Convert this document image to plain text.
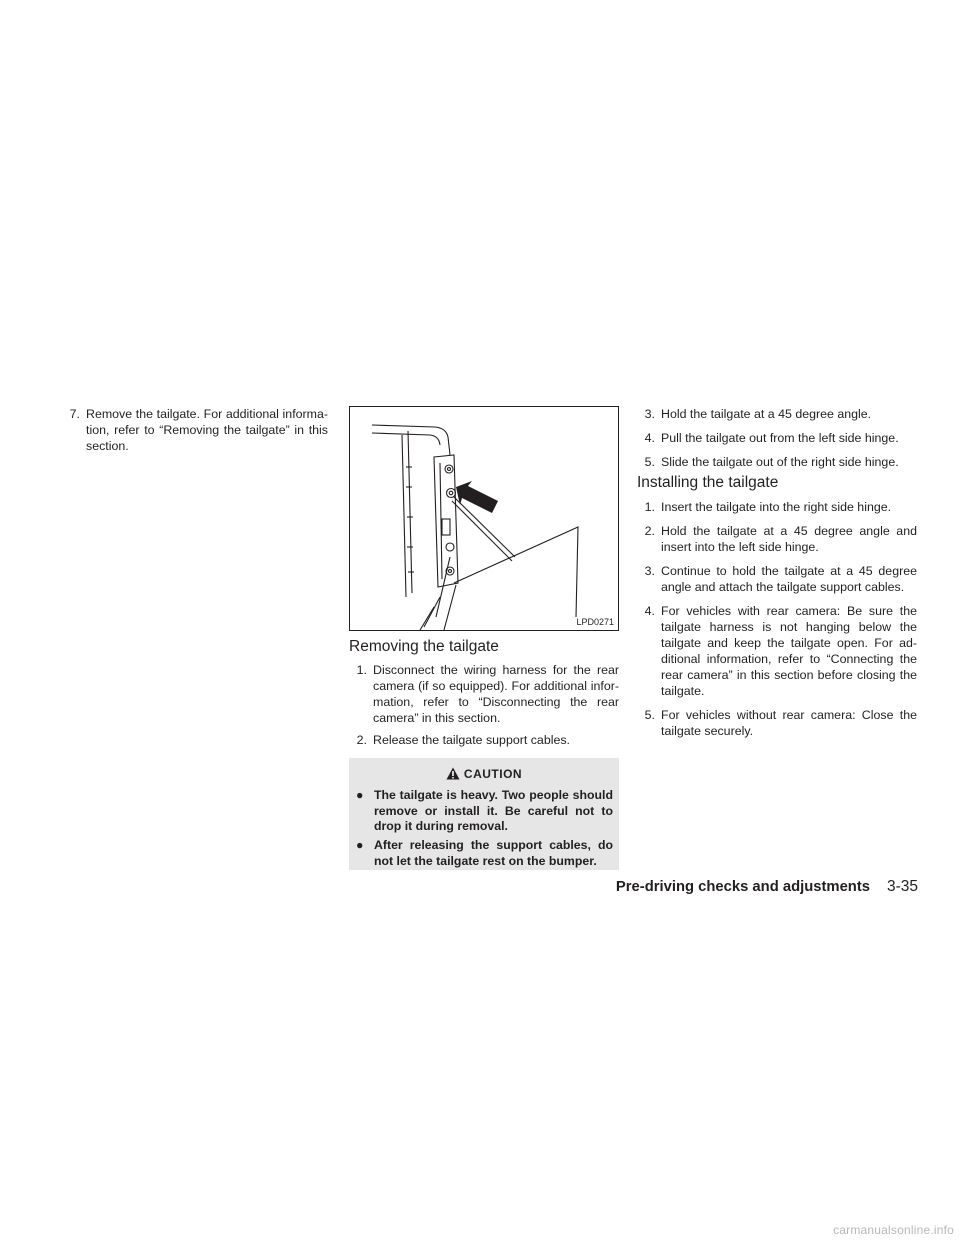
7. Remove the tailgate. For additional informa-tion, refer to “Removing the tailgate” in this section.
LPD0271
Removing the tailgate
1. Disconnect the wiring harness for the rear camera (if so equipped). For additional infor-mation, refer to “Disconnecting the rear camera” in this section.
2. Release the tailgate support cables.
CAUTION
● The tailgate is heavy. Two people should remove or install it. Be careful not to drop it during removal.
● After releasing the support cables, do not let the tailgate rest on the bumper.
3. Hold the tailgate at a 45 degree angle.
4. Pull the tailgate out from the left side hinge.
5. Slide the tailgate out of the right side hinge.
Installing the tailgate
1. Insert the tailgate into the right side hinge.
2. Hold the tailgate at a 45 degree angle and insert into the left side hinge.
3. Continue to hold the tailgate at a 45 degree angle and attach the tailgate support cables.
4. For vehicles with rear camera: Be sure the tailgate harness is not hanging below the tailgate and keep the tailgate open. For ad-ditional information, refer to “Connecting the rear camera” in this section before closing the tailgate.
5. For vehicles without rear camera: Close the tailgate securely.
Pre-driving checks and adjustments 3-35
carmanualsonline.info
